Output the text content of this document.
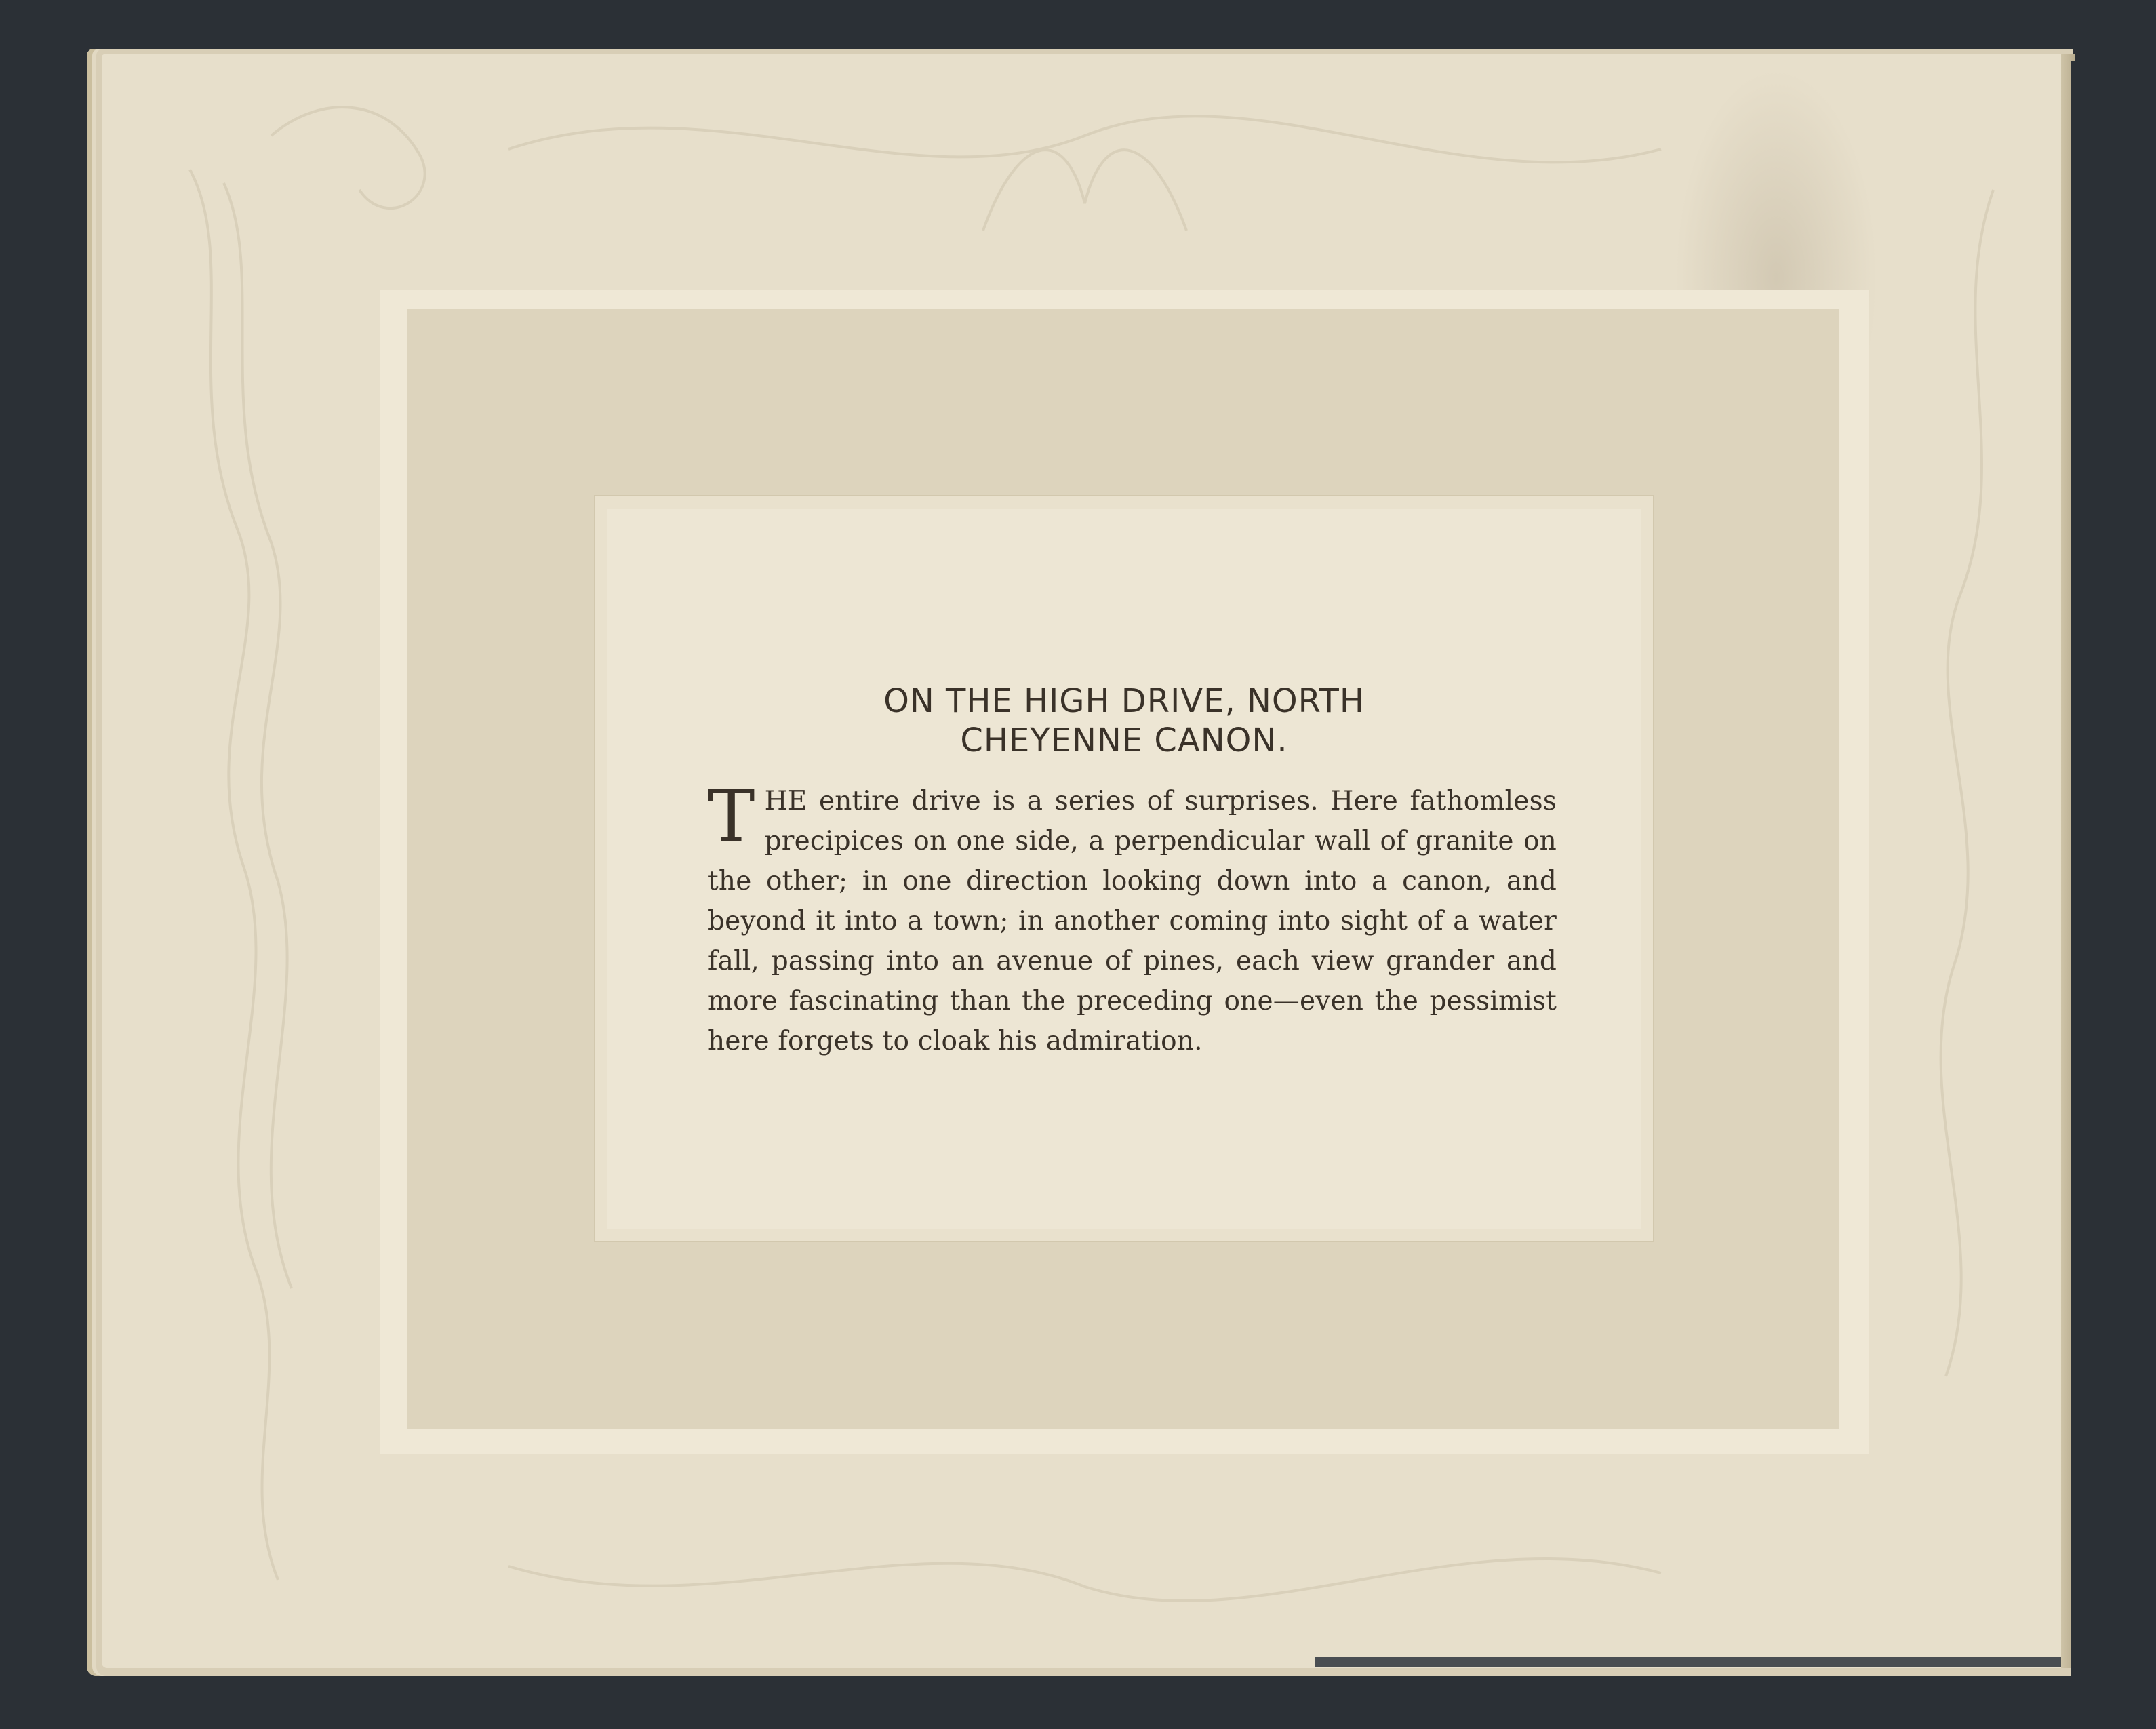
ON THE HIGH DRIVE, NORTH
CHEYENNE CANON.

THE entire drive is a series of surprises. Here fathomless precipices on one side, a perpendicular wall of granite on the other; in one direction looking down into a canon, and beyond it into a town; in another coming into sight of a water fall, passing into an avenue of pines, each view grander and more fascinating than the preceding one—even the pessimist here forgets to cloak his admiration.
